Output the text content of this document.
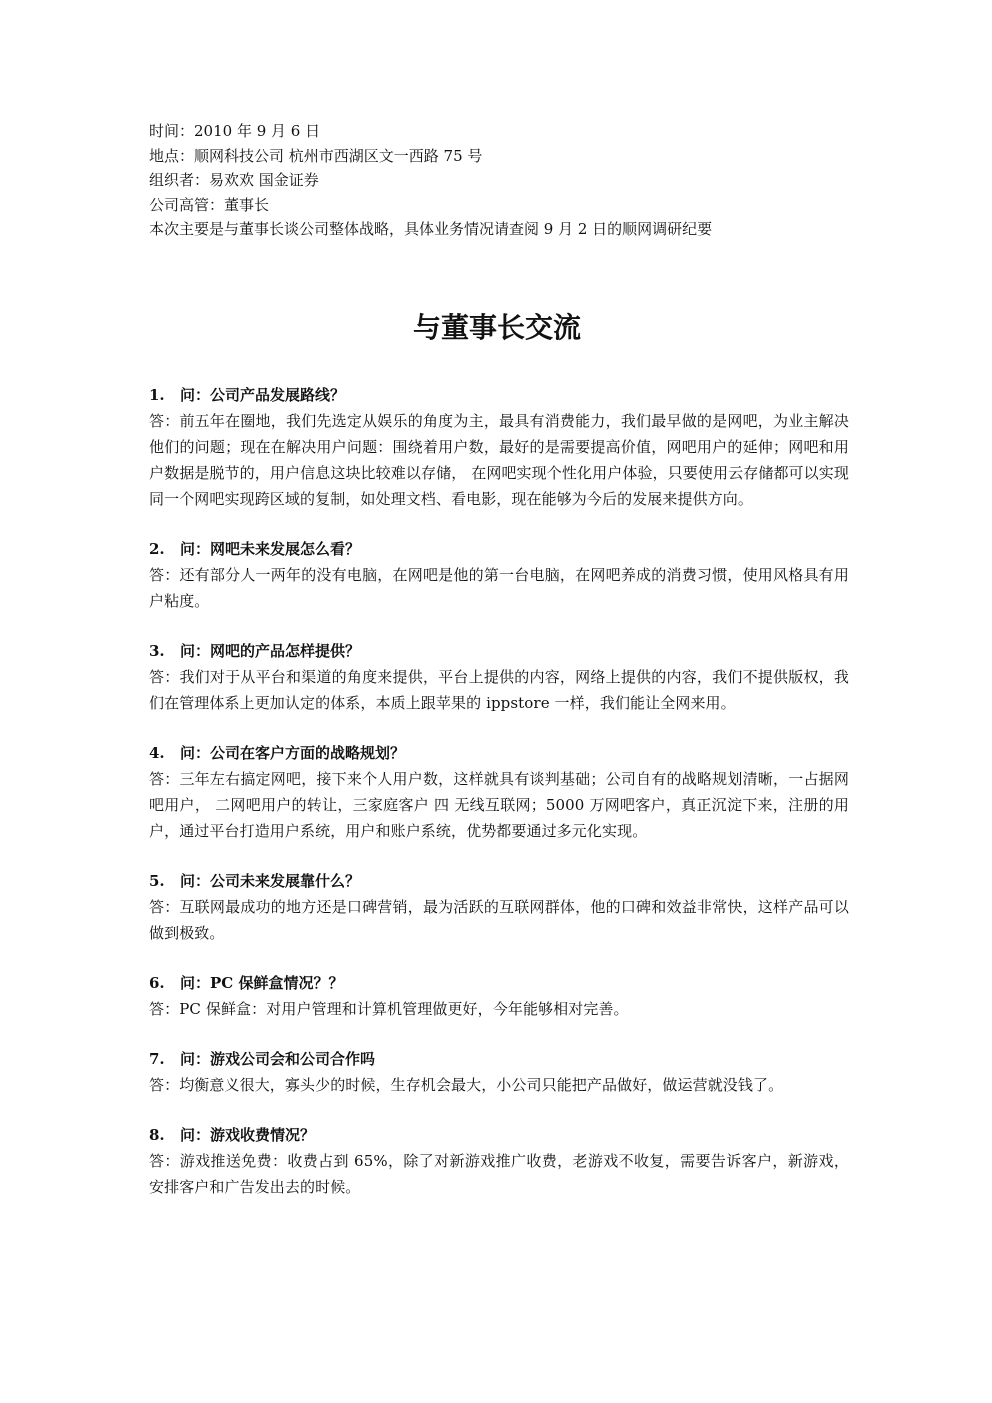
时间：2010 年 9 月 6 日
地点：顺网科技公司 杭州市西湖区文一西路 75 号
组织者：易欢欢 国金证券
公司高管：董事长
本次主要是与董事长谈公司整体战略，具体业务情况请查阅 9 月 2 日的顺网调研纪要
与董事长交流
1. 问：公司产品发展路线？
答：前五年在圈地，我们先选定从娱乐的角度为主，最具有消费能力，我们最早做的是网吧，为业主解决他们的问题；现在在解决用户问题：围绕着用户数，最好的是需要提高价值，网吧用户的延伸；网吧和用户数据是脱节的，用户信息这块比较难以存储， 在网吧实现个性化用户体验，只要使用云存储都可以实现同一个网吧实现跨区域的复制，如处理文档、看电影，现在能够为今后的发展来提供方向。
2. 问：网吧未来发展怎么看？
答：还有部分人一两年的没有电脑，在网吧是他的第一台电脑，在网吧养成的消费习惯，使用风格具有用户粘度。
3. 问：网吧的产品怎样提供？
答：我们对于从平台和渠道的角度来提供，平台上提供的内容，网络上提供的内容，我们不提供版权，我们在管理体系上更加认定的体系，本质上跟苹果的 ippstore 一样，我们能让全网来用。
4. 问：公司在客户方面的战略规划？
答：三年左右搞定网吧，接下来个人用户数，这样就具有谈判基础；公司自有的战略规划清晰，一占据网吧用户， 二网吧用户的转让，三家庭客户 四 无线互联网；5000 万网吧客户，真正沉淀下来，注册的用户，通过平台打造用户系统，用户和账户系统，优势都要通过多元化实现。
5. 问：公司未来发展靠什么？
答：互联网最成功的地方还是口碑营销，最为活跃的互联网群体，他的口碑和效益非常快，这样产品可以做到极致。
6. 问：PC 保鲜盒情况？？
答：PC 保鲜盒：对用户管理和计算机管理做更好，今年能够相对完善。
7. 问：游戏公司会和公司合作吗
答：均衡意义很大，寡头少的时候，生存机会最大，小公司只能把产品做好，做运营就没钱了。
8. 问：游戏收费情况？
答：游戏推送免费：收费占到 65%，除了对新游戏推广收费，老游戏不收复，需要告诉客户，新游戏，安排客户和广告发出去的时候。
